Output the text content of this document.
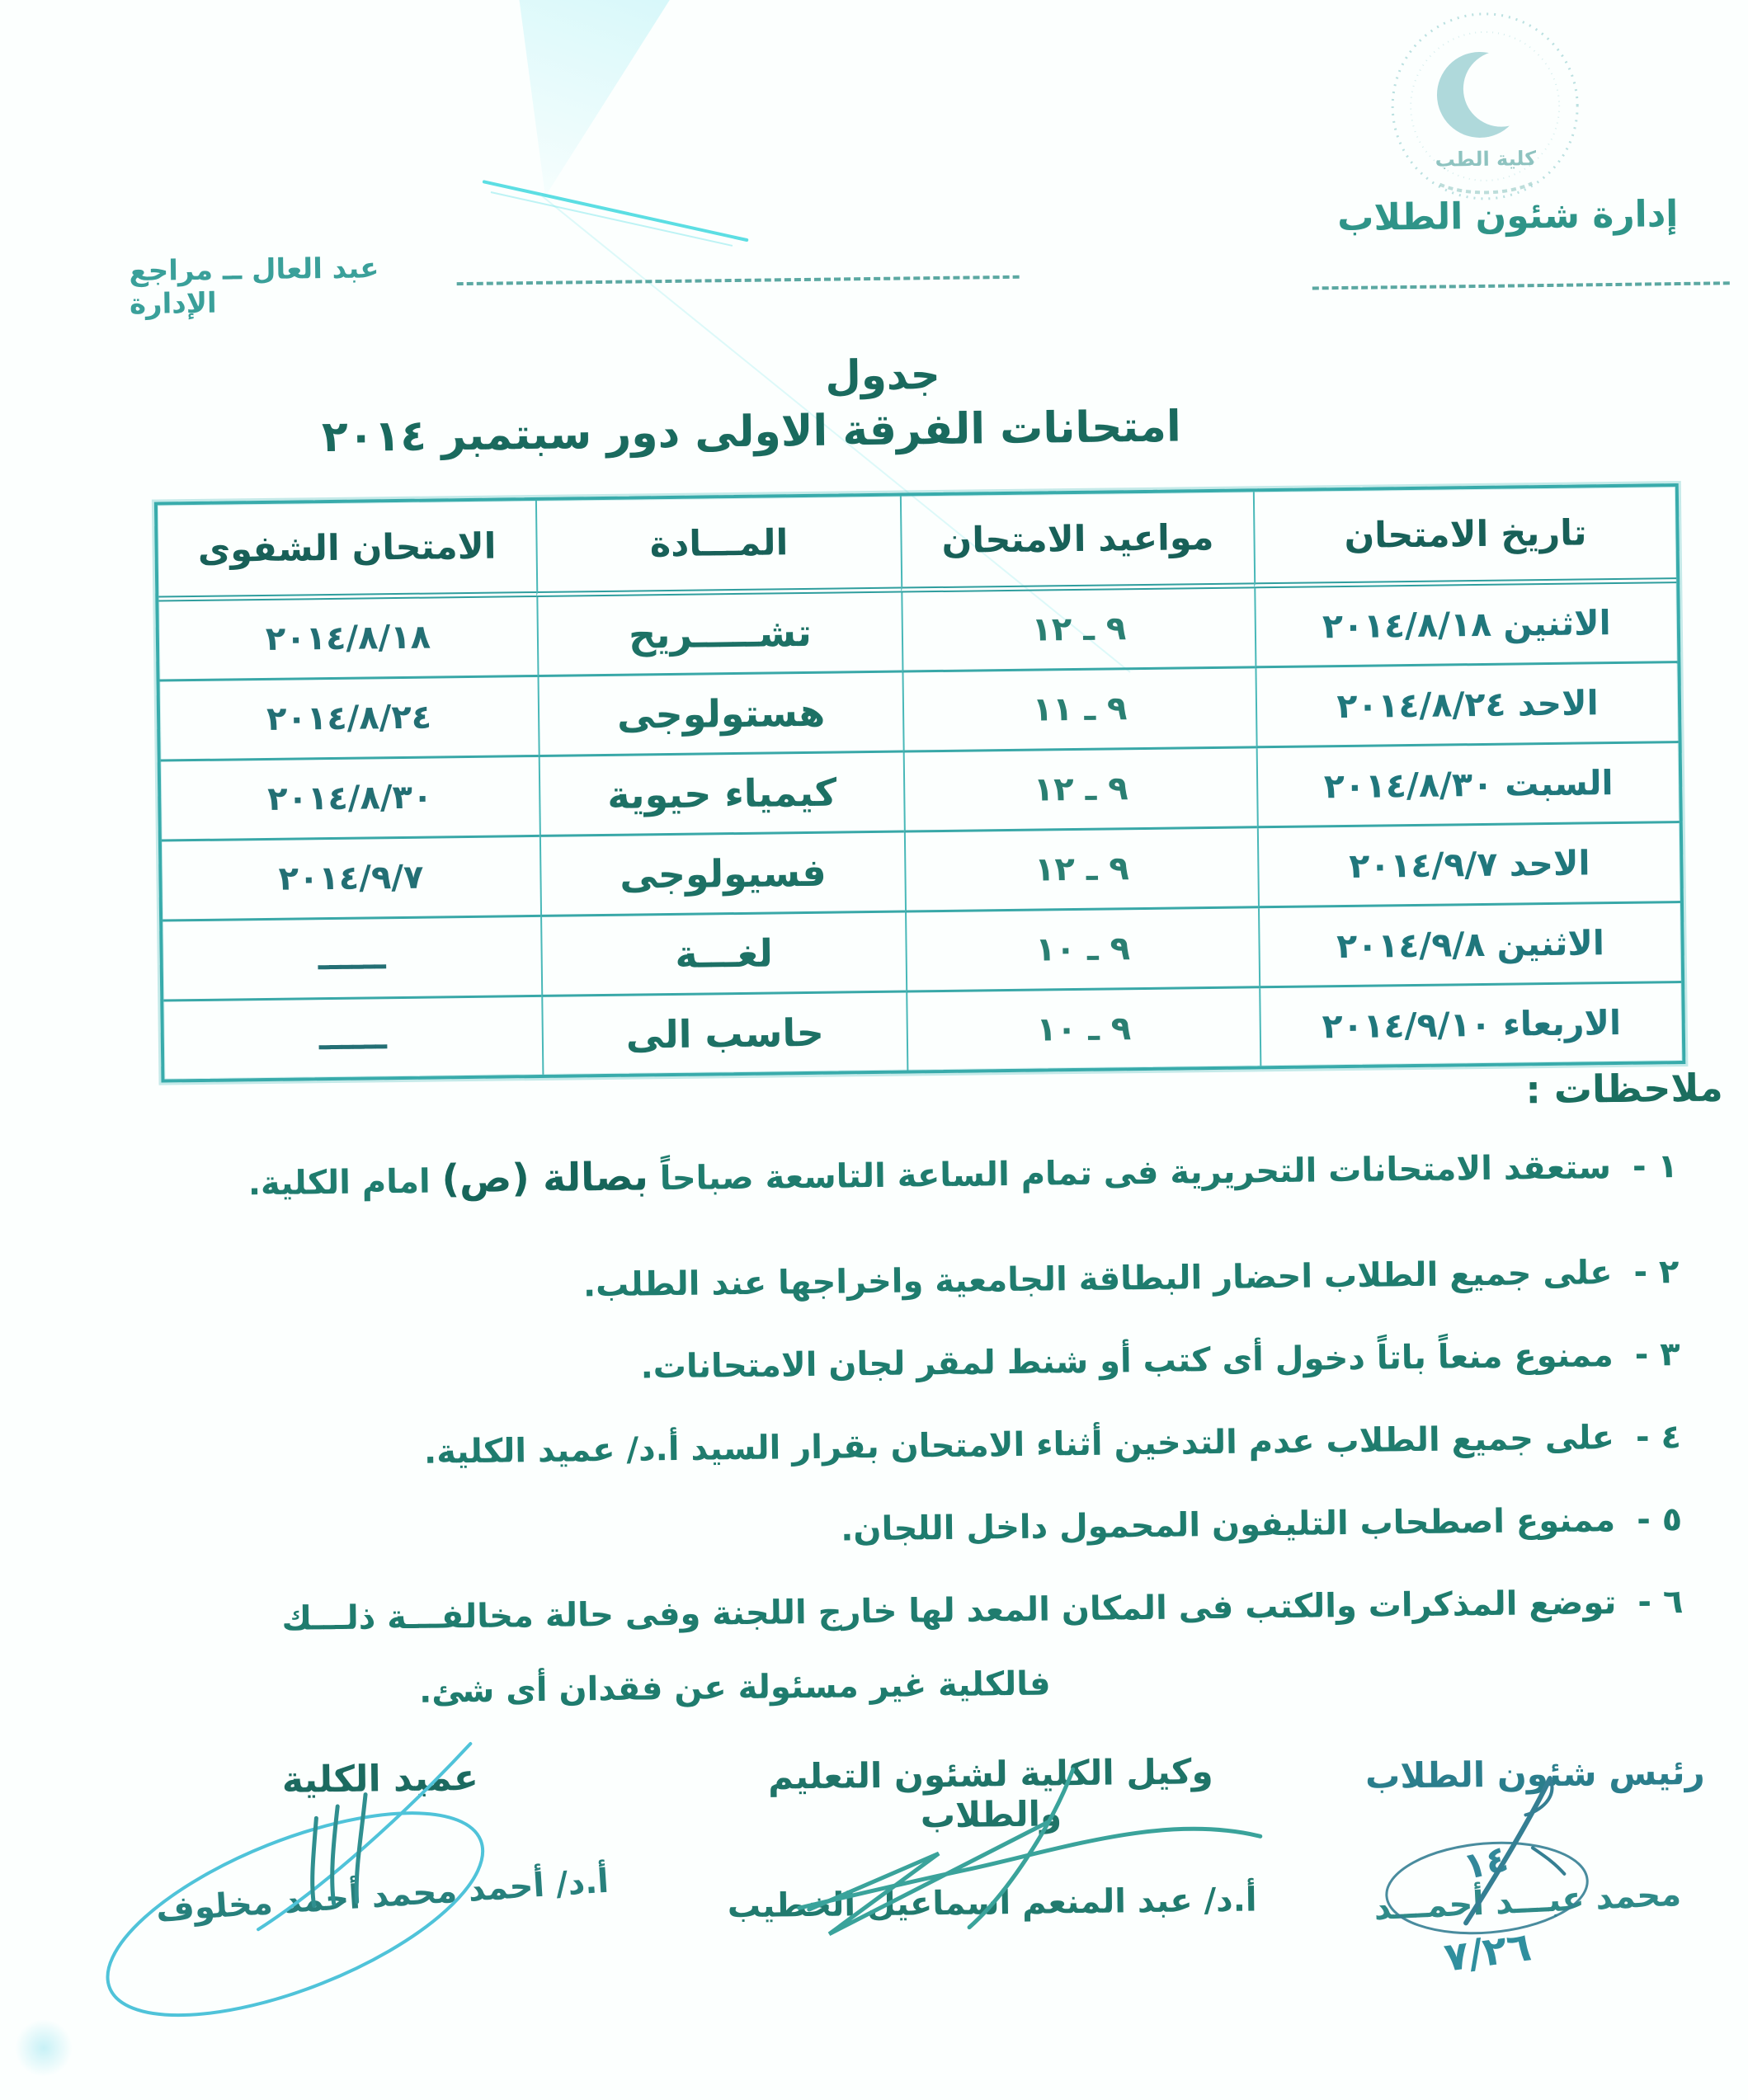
كلية الطب
إدارة شئون الطلاب
عبد العال ــ مراجع الإدارة
جدول
امتحانات الفرقة الاولى دور سبتمبر ٢٠١٤
تاريخ الامتحان
مواعيد الامتحان
المـــادة
الامتحان الشفوى
الاثنين ٢٠١٤/٨/١٨
٩ ـ ١٢
تشـــــريح
٢٠١٤/٨/١٨
الاحد ٢٠١٤/٨/٢٤
٩ ـ ١١
هستولوجى
٢٠١٤/٨/٢٤
السبت ٢٠١٤/٨/٣٠
٩ ـ ١٢
كيمياء حيوية
٢٠١٤/٨/٣٠
الاحد ٢٠١٤/٩/٧
٩ ـ ١٢
فسيولوجى
٢٠١٤/٩/٧
الاثنين ٢٠١٤/٩/٨
٩ ـ ١٠
لغـــة
ــــــ
الاربعاء ٢٠١٤/٩/١٠
٩ ـ ١٠
حاسب الى
ــــــ
ملاحظات :
١ -ستعقد الامتحانات التحريرية فى تمام الساعة التاسعة صباحاً بصالة (ص) امام الكلية.
٢ -على جميع الطلاب احضار البطاقة الجامعية واخراجها عند الطلب.
٣ -ممنوع منعاً باتاً دخول أى كتب أو شنط لمقر لجان الامتحانات.
٤ -على جميع الطلاب عدم التدخين أثناء الامتحان بقرار السيد أ.د/ عميد الكلية.
٥ -ممنوع اصطحاب التليفون المحمول داخل اللجان.
٦ -توضع المذكرات والكتب فى المكان المعد لها خارج اللجنة وفى حالة مخالفـــة ذلـــك
فالكلية غير مسئولة عن فقدان أى شئ.
رئيس شئون الطلاب
محمد عبـــد أحمـــد
١٤
٧/٢٦
وكيل الكلية لشئون التعليم والطلاب
أ.د/ عبد المنعم اسماعيل الخطيب
عميد الكلية
أ.د/ أحمد محمد أحمد مخلوف
